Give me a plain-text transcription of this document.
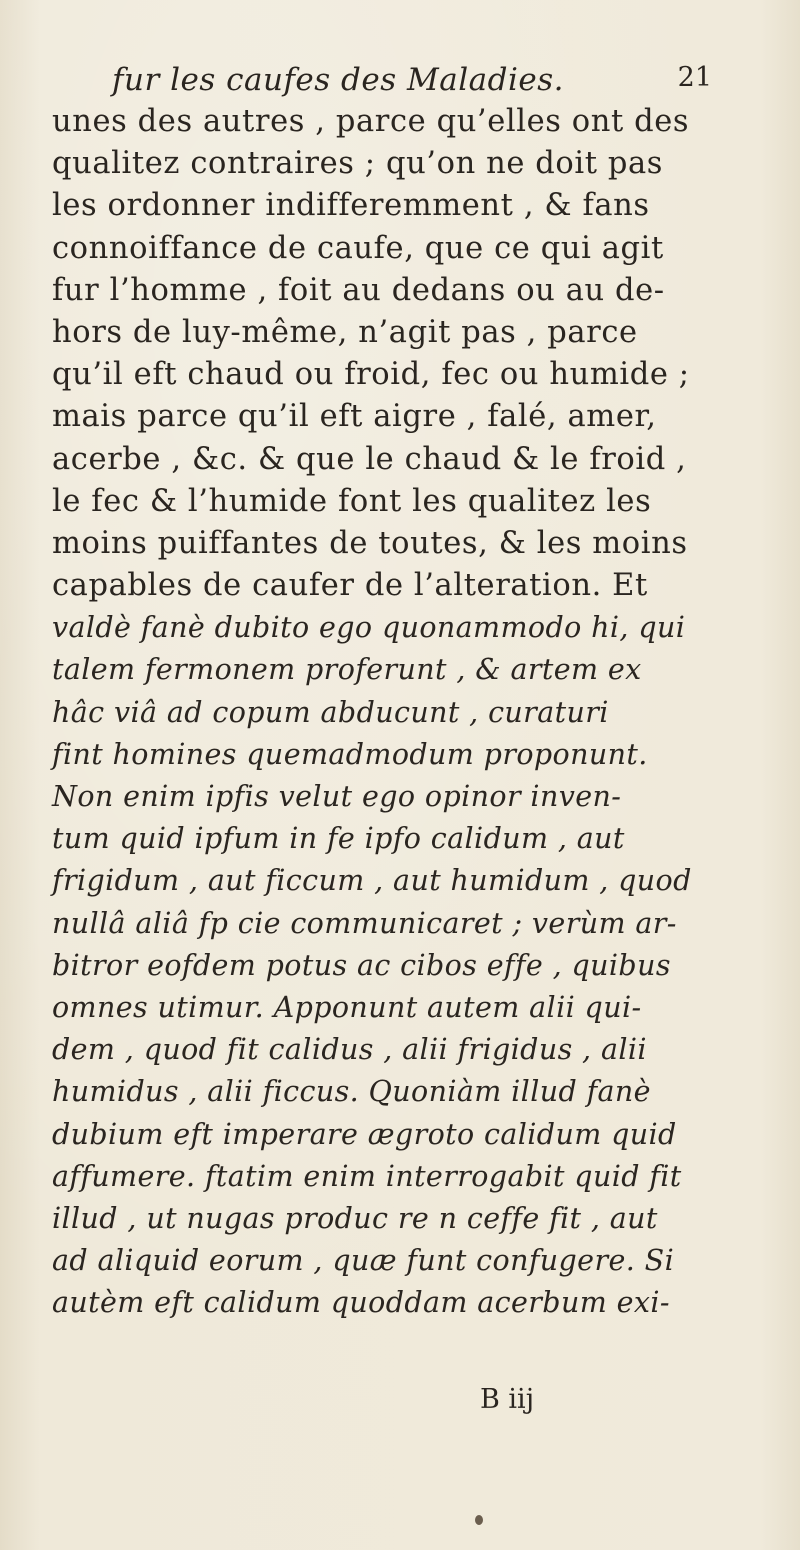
fur les caufes des Maladies.	21
unes des autres , parce qu’elles ont des
qualitez contraires ; qu’on ne doit pas
les ordonner indifferemment , & fans
connoiffance de caufe, que ce qui agit
fur l’homme , foit au dedans ou au de-
hors de luy-même, n’agit pas , parce
qu’il eft chaud ou froid, fec ou humide ;
mais parce qu’il eft aigre , falé, amer,
acerbe , &c. & que le chaud & le froid ,
le fec & l’humide font les qualitez les
moins puiffantes de toutes, & les moins
capables de caufer de l’alteration. Et
valdè fanè dubito ego quonammodo hi, qui
talem fermonem proferunt , & artem ex
hâc viâ ad copum abducunt , curaturi
fint homines quemadmodum proponunt.
Non enim ipfis velut ego opinor inven-
tum quid ipfum in fe ipfo calidum , aut
frigidum , aut ficcum , aut humidum , quod
nullâ aliâ fp cie communicaret ; verùm ar-
bitror eofdem potus ac cibos effe , quibus
omnes utimur. Apponunt autem alii qui-
dem , quod fit calidus , alii frigidus , alii
humidus , alii ficcus. Quoniàm illud fanè
dubium eft imperare ægroto calidum quid
affumere. ftatim enim interrogabit quid fit
illud , ut nugas produc re n ceffe fit , aut
ad aliquid eorum , quæ funt confugere. Si
autèm eft calidum quoddam acerbum exi-
B iij
